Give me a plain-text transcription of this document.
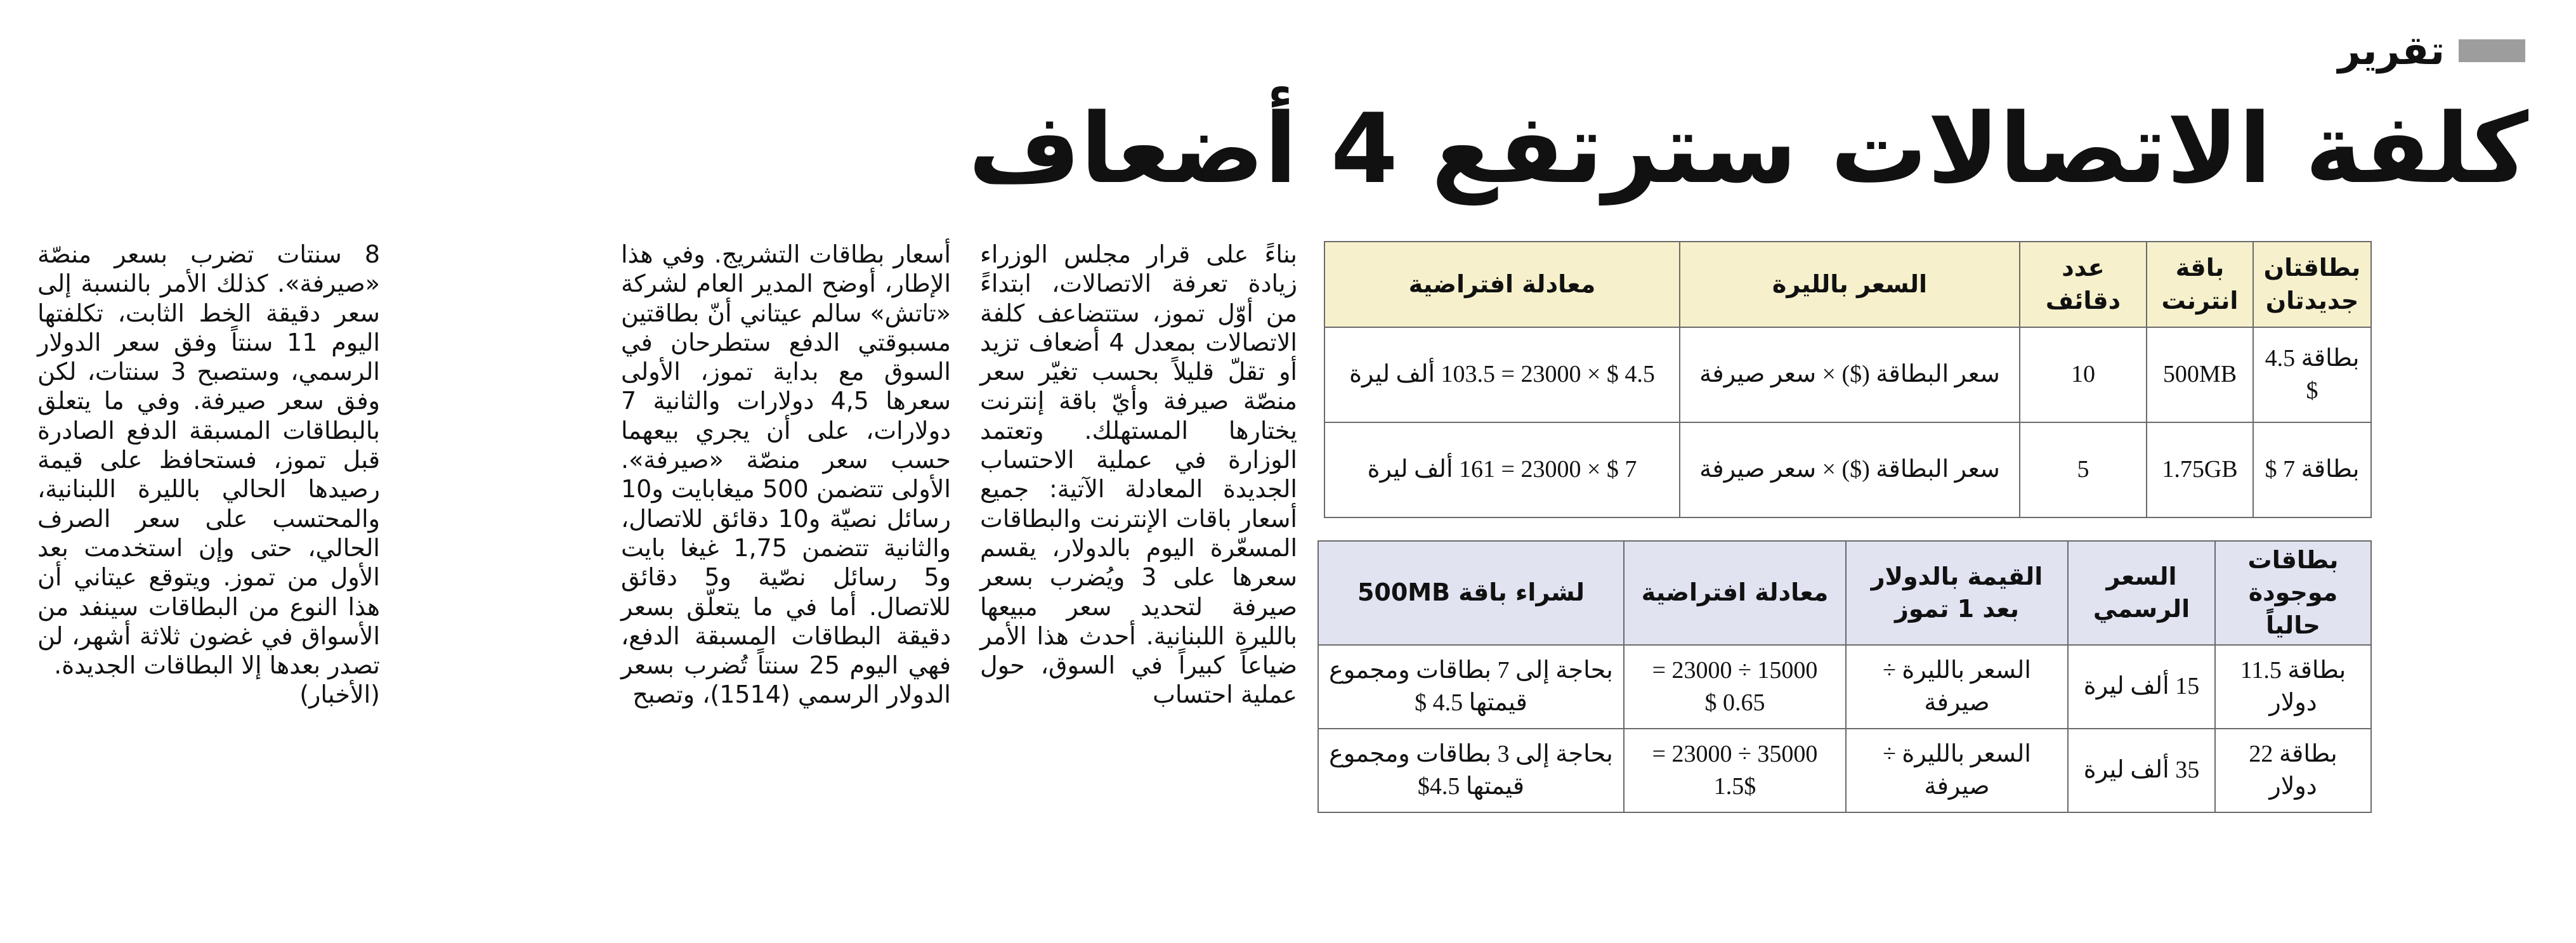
تقرير
كلفة الاتصالات سترتفع 4 أضعاف
بطاقتان جديدتان	باقة انترنت	عدد دقائف	السعر بالليرة	معادلة افتراضية
بطاقة 4.5 $	500MB	10	سعر البطاقة ($) × سعر صيرفة	4.5 $ × 23000 = 103.5 ألف ليرة
بطاقة 7 $	1.75GB	5	سعر البطاقة ($) × سعر صيرفة	7 $ × 23000 = 161 ألف ليرة
بطاقات موجودة حالياً	السعر الرسمي	القيمة بالدولار بعد 1 تموز	معادلة افتراضية	لشراء باقة 500MB
بطاقة 11.5 دولار	15 ألف ليرة	السعر بالليرة ÷ صيرفة	15000 ÷ 23000 = 0.65 $	بحاجة إلى 7 بطاقات ومجموع قيمتها 4.5 $
بطاقة 22 دولار	35 ألف ليرة	السعر بالليرة ÷ صيرفة	35000 ÷ 23000 = 1.5$	بحاجة إلى 3 بطاقات ومجموع قيمتها 4.5$

بناءً على قرار مجلس الوزراء زيادة تعرفة الاتصالات، ابتداءً من أوّل تموز، ستتضاعف كلفة الاتصالات بمعدل 4 أضعاف تزيد أو تقلّ قليلاً بحسب تغيّر سعر منصّة صيرفة وأيّ باقة إنترنت يختارها المستهلك. وتعتمد الوزارة في عملية الاحتساب الجديدة المعادلة الآتية: جميع أسعار باقات الإنترنت والبطاقات المسعّرة اليوم بالدولار، يقسم سعرها على 3 ويُضرب بسعر صيرفة لتحديد سعر مبيعها بالليرة اللبنانية. أحدث هذا الأمر ضياعاً كبيراً في السوق، حول عملية احتساب

أسعار بطاقات التشريج. وفي هذا الإطار، أوضح المدير العام لشركة «تاتش» سالم عيتاني أنّ بطاقتين مسبوقتي الدفع ستطرحان في السوق مع بداية تموز، الأولى سعرها 4,5 دولارات والثانية 7 دولارات، على أن يجري بيعهما حسب سعر منصّة «صيرفة». الأولى تتضمن 500 ميغابايت و10 رسائل نصيّة و10 دقائق للاتصال، والثانية تتضمن 1,75 غيغا بايت و5 رسائل نصّية و5 دقائق للاتصال. أما في ما يتعلّق بسعر دقيقة البطاقات المسبقة الدفع، فهي اليوم 25 سنتاً تُضرب بسعر الدولار الرسمي (1514)، وتصبح

8 سنتات تضرب بسعر منصّة «صيرفة». كذلك الأمر بالنسبة إلى سعر دقيقة الخط الثابت، تكلفتها اليوم 11 سنتاً وفق سعر الدولار الرسمي، وستصبح 3 سنتات، لكن وفق سعر صيرفة. وفي ما يتعلق بالبطاقات المسبقة الدفع الصادرة قبل تموز، فستحافظ على قيمة رصيدها الحالي بالليرة اللبنانية، والمحتسب على سعر الصرف الحالي، حتى وإن استخدمت بعد الأول من تموز. ويتوقع عيتاني أن هذا النوع من البطاقات سينفد من الأسواق في غضون ثلاثة أشهر، لن تصدر بعدها إلا البطاقات الجديدة.

(الأخبار)
